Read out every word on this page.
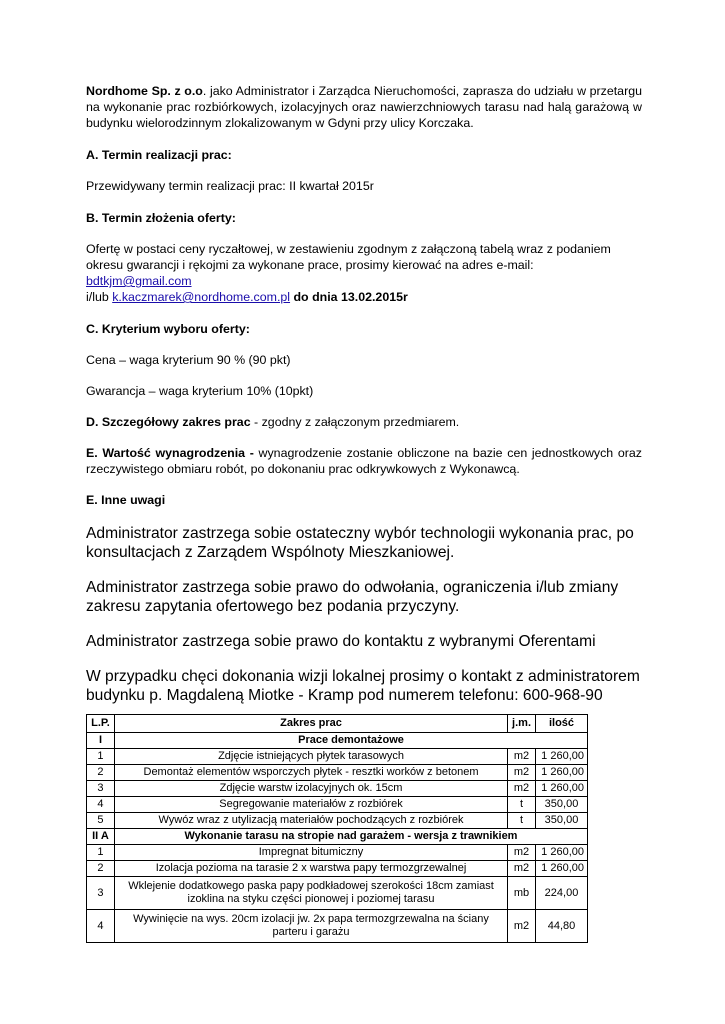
Nordhome Sp. z o.o. jako Administrator i Zarządca Nieruchomości, zaprasza do udziału w przetargu na wykonanie prac rozbiórkowych, izolacyjnych oraz nawierzchniowych tarasu nad halą garażową w budynku wielorodzinnym zlokalizowanym w Gdyni przy ulicy Korczaka.

A. Termin realizacji prac:

Przewidywany termin realizacji prac: II kwartał 2015r

B. Termin złożenia oferty:

Ofertę w postaci ceny ryczałtowej, w zestawieniu zgodnym z załączoną tabelą wraz z podaniem okresu gwarancji i rękojmi za wykonane prace, prosimy kierować na adres e-mail: bdtkjm@gmail.com
i/lub k.kaczmarek@nordhome.com.pl do dnia 13.02.2015r

C. Kryterium wyboru oferty:

Cena – waga kryterium 90 % (90 pkt)

Gwarancja – waga kryterium 10% (10pkt)

D. Szczegółowy zakres prac - zgodny z załączonym przedmiarem.

E. Wartość wynagrodzenia - wynagrodzenie zostanie obliczone na bazie cen jednostkowych oraz rzeczywistego obmiaru robót, po dokonaniu prac odkrywkowych z Wykonawcą.

E. Inne uwagi

Administrator zastrzega sobie ostateczny wybór technologii wykonania prac, po konsultacjach z Zarządem Wspólnoty Mieszkaniowej.

Administrator zastrzega sobie prawo do odwołania, ograniczenia i/lub zmiany zakresu zapytania ofertowego bez podania przyczyny.

Administrator zastrzega sobie prawo do kontaktu z wybranymi Oferentami

W przypadku chęci dokonania wizji lokalnej prosimy o kontakt z administratorem budynku p. Magdaleną Miotke - Kramp pod numerem telefonu: 600-968-90

L.P.	Zakres prac	j.m.	ilość
I	Prace demontażowe		
1	Zdjęcie istniejących płytek tarasowych	m2	1 260,00
2	Demontaż elementów wsporczych płytek - resztki worków z betonem	m2	1 260,00
3	Zdjęcie warstw izolacyjnych ok. 15cm	m2	1 260,00
4	Segregowanie materiałów z rozbiórek	t	350,00
5	Wywóz wraz z utylizacją materiałów pochodzących z rozbiórek	t	350,00
II A	Wykonanie tarasu na stropie nad garażem - wersja z trawnikiem		
1	Impregnat bitumiczny	m2	1 260,00
2	Izolacja pozioma na tarasie 2 x warstwa papy termozgrzewalnej	m2	1 260,00
3	Wklejenie dodatkowego paska papy podkładowej szerokości 18cm zamiast izoklina na styku części pionowej i poziomej tarasu	mb	224,00
4	Wywinięcie na wys. 20cm izolacji jw. 2x papa termozgrzewalna na ściany parteru i garażu	m2	44,80
